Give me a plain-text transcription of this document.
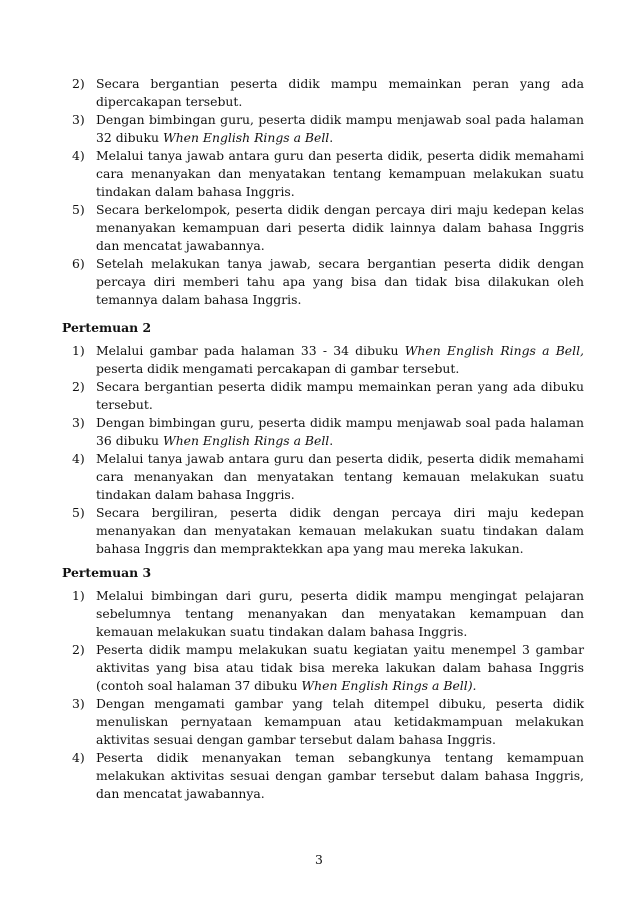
2) Secara bergantian peserta didik mampu memainkan peran yang ada dipercakapan tersebut.

3) Dengan bimbingan guru, peserta didik mampu menjawab soal pada halaman 32 dibuku When English Rings a Bell.

4) Melalui tanya jawab antara guru dan peserta didik, peserta didik memahami cara menanyakan dan menyatakan tentang kemampuan melakukan suatu tindakan dalam bahasa Inggris.

5) Secara berkelompok, peserta didik dengan percaya diri maju kedepan kelas menanyakan kemampuan dari peserta didik lainnya dalam bahasa Inggris dan mencatat jawabannya.

6) Setelah melakukan tanya jawab, secara bergantian peserta didik dengan percaya diri memberi tahu apa yang bisa dan tidak bisa dilakukan oleh temannya dalam bahasa Inggris.

Pertemuan 2

1) Melalui gambar pada halaman 33 - 34 dibuku When English Rings a Bell, peserta didik mengamati percakapan di gambar tersebut.

2) Secara bergantian peserta didik mampu memainkan peran yang ada dibuku tersebut.

3) Dengan bimbingan guru, peserta didik mampu menjawab soal pada halaman 36 dibuku When English Rings a Bell.

4) Melalui tanya jawab antara guru dan peserta didik, peserta didik memahami cara menanyakan dan menyatakan tentang kemauan melakukan suatu tindakan dalam bahasa Inggris.

5) Secara bergiliran, peserta didik dengan percaya diri maju kedepan menanyakan dan menyatakan kemauan melakukan suatu tindakan dalam bahasa Inggris dan mempraktekkan apa yang mau mereka lakukan.

Pertemuan 3

1) Melalui bimbingan dari guru, peserta didik mampu mengingat pelajaran sebelumnya tentang menanyakan dan menyatakan kemampuan dan kemauan melakukan suatu tindakan dalam bahasa Inggris.

2) Peserta didik mampu melakukan suatu kegiatan yaitu menempel 3 gambar aktivitas yang bisa atau tidak bisa mereka lakukan dalam bahasa Inggris (contoh soal halaman 37 dibuku When English Rings a Bell).

3) Dengan mengamati gambar yang telah ditempel dibuku, peserta didik menuliskan pernyataan kemampuan atau ketidakmampuan melakukan aktivitas sesuai dengan gambar tersebut dalam bahasa Inggris.

4) Peserta didik menanyakan teman sebangkunya tentang kemampuan melakukan aktivitas sesuai dengan gambar tersebut dalam bahasa Inggris, dan mencatat jawabannya.

3
